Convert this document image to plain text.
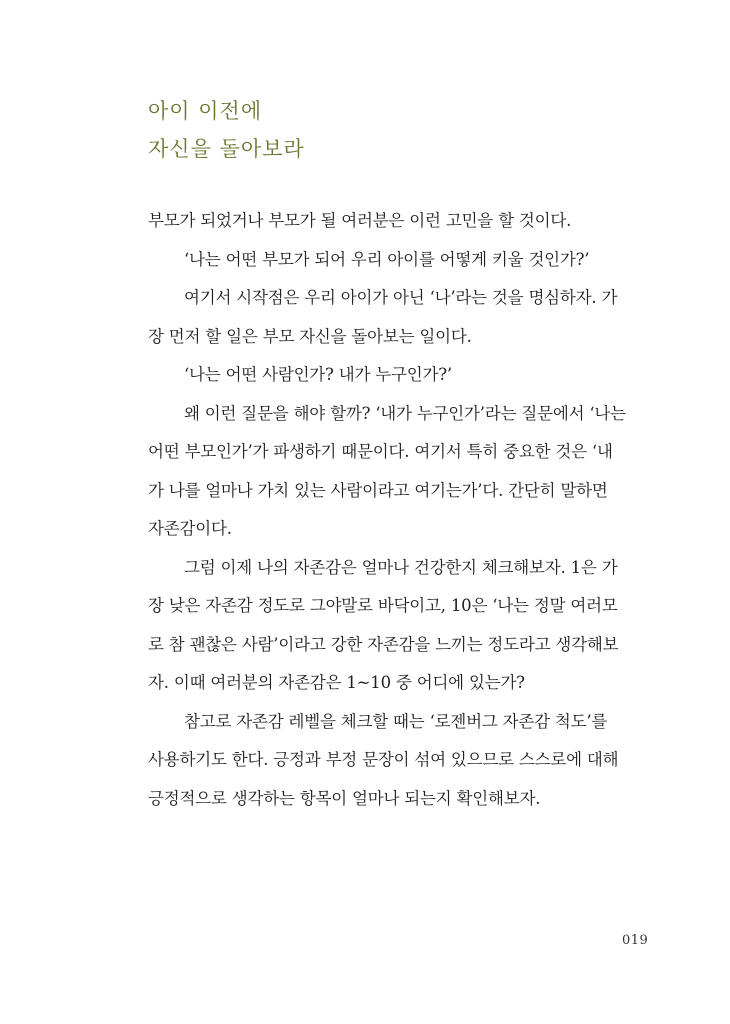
아이 이전에
자신을 돌아보라
부모가 되었거나 부모가 될 여러분은 이런 고민을 할 것이다.
‘나는 어떤 부모가 되어 우리 아이를 어떻게 키울 것인가?’
여기서 시작점은 우리 아이가 아닌 ‘나’라는 것을 명심하자. 가
장 먼저 할 일은 부모 자신을 돌아보는 일이다.
‘나는 어떤 사람인가? 내가 누구인가?’
왜 이런 질문을 해야 할까? ‘내가 누구인가’라는 질문에서 ‘나는
어떤 부모인가’가 파생하기 때문이다. 여기서 특히 중요한 것은 ‘내
가 나를 얼마나 가치 있는 사람이라고 여기는가’다. 간단히 말하면
자존감이다.
그럼 이제 나의 자존감은 얼마나 건강한지 체크해보자. 1은 가
장 낮은 자존감 정도로 그야말로 바닥이고, 10은 ‘나는 정말 여러모
로 참 괜찮은 사람’이라고 강한 자존감을 느끼는 정도라고 생각해보
자. 이때 여러분의 자존감은 1~10 중 어디에 있는가?
참고로 자존감 레벨을 체크할 때는 ‘로젠버그 자존감 척도’를
사용하기도 한다. 긍정과 부정 문장이 섞여 있으므로 스스로에 대해
긍정적으로 생각하는 항목이 얼마나 되는지 확인해보자.
019
